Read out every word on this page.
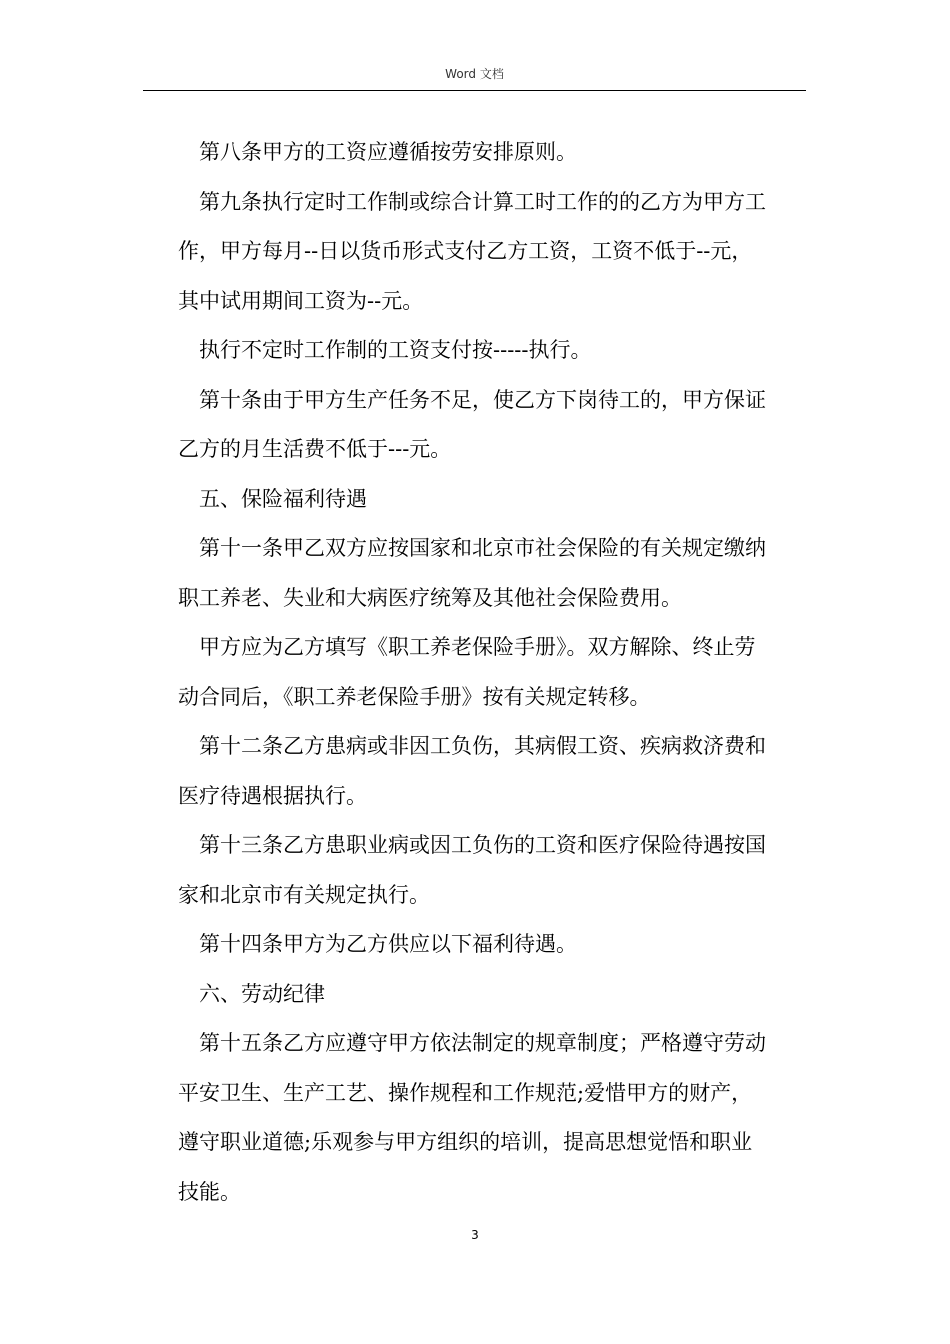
Word 文档
第八条甲方的工资应遵循按劳安排原则。
第九条执行定时工作制或综合计算工时工作的的乙方为甲方工
作，甲方每月--日以货币形式支付乙方工资，工资不低于--元，
其中试用期间工资为--元。
执行不定时工作制的工资支付按-----执行。
第十条由于甲方生产任务不足，使乙方下岗待工的，甲方保证
乙方的月生活费不低于---元。
五、保险福利待遇
第十一条甲乙双方应按国家和北京市社会保险的有关规定缴纳
职工养老、失业和大病医疗统筹及其他社会保险费用。
甲方应为乙方填写《职工养老保险手册》。双方解除、终止劳
动合同后，《职工养老保险手册》按有关规定转移。
第十二条乙方患病或非因工负伤，其病假工资、疾病救济费和
医疗待遇根据执行。
第十三条乙方患职业病或因工负伤的工资和医疗保险待遇按国
家和北京市有关规定执行。
第十四条甲方为乙方供应以下福利待遇。
六、劳动纪律
第十五条乙方应遵守甲方依法制定的规章制度；严格遵守劳动
平安卫生、生产工艺、操作规程和工作规范;爱惜甲方的财产，
遵守职业道德;乐观参与甲方组织的培训，提高思想觉悟和职业
技能。
3
